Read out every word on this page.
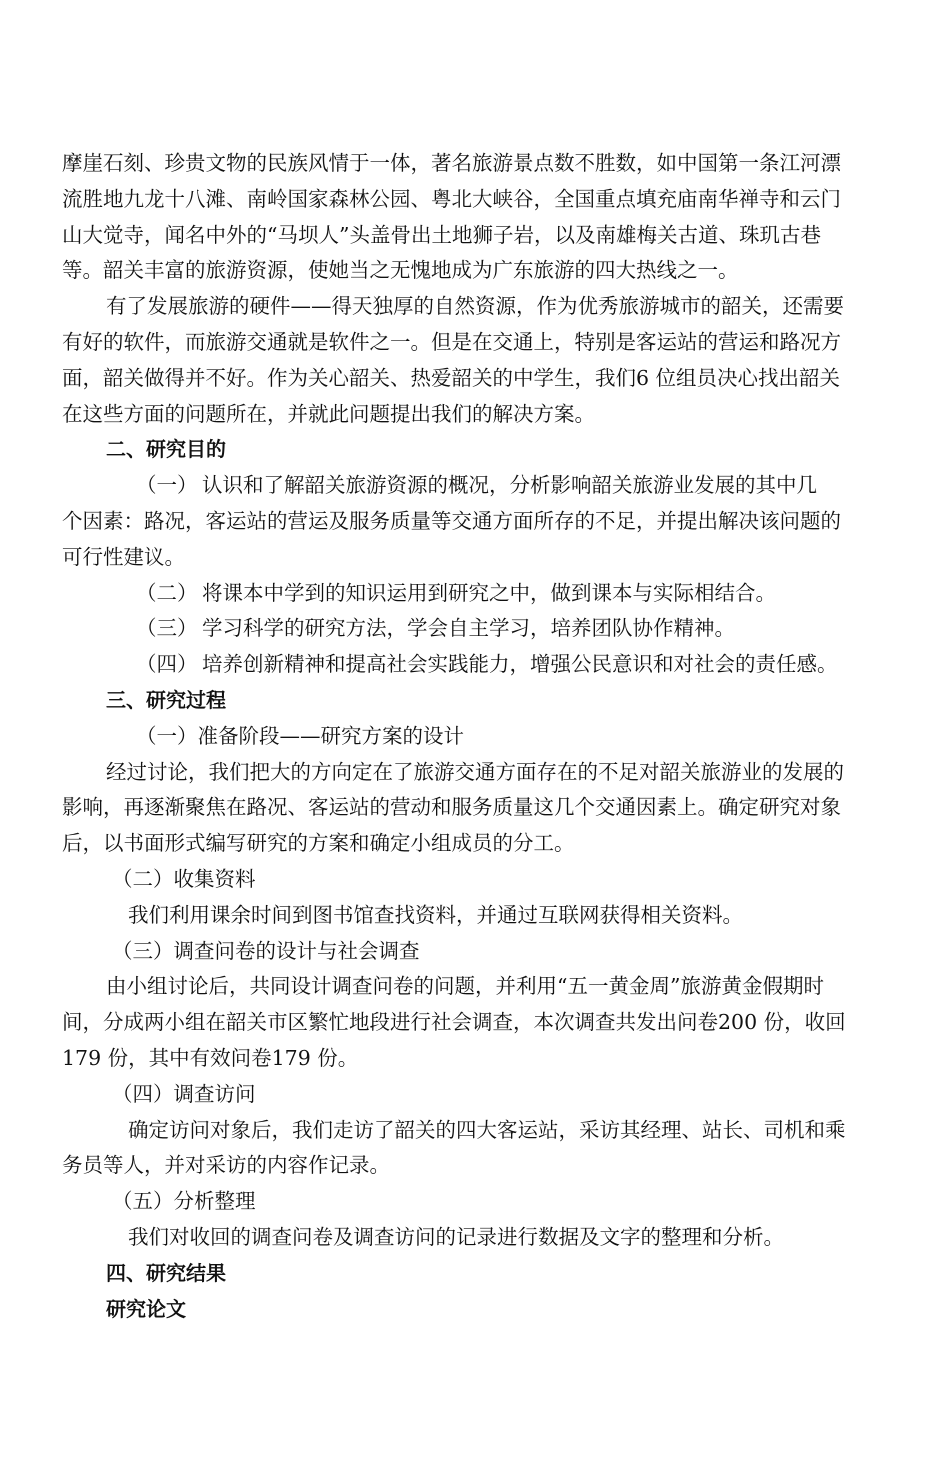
摩崖石刻、珍贵文物的民族风情于一体，著名旅游景点数不胜数，如中国第一条江河漂
流胜地九龙十八滩、南岭国家森林公园、粤北大峡谷，全国重点填充庙南华禅寺和云门
山大觉寺，闻名中外的“马坝人”头盖骨出土地狮子岩，以及南雄梅关古道、珠玑古巷
等。韶关丰富的旅游资源，使她当之无愧地成为广东旅游的四大热线之一。
有了发展旅游的硬件——得天独厚的自然资源，作为优秀旅游城市的韶关，还需要
有好的软件，而旅游交通就是软件之一。但是在交通上，特别是客运站的营运和路况方
面，韶关做得并不好。作为关心韶关、热爱韶关的中学生，我们6 位组员决心找出韶关
在这些方面的问题所在，并就此问题提出我们的解决方案。
二、研究目的
（一） 认识和了解韶关旅游资源的概况，分析影响韶关旅游业发展的其中几
个因素：路况，客运站的营运及服务质量等交通方面所存的不足，并提出解决该问题的
可行性建议。
（二） 将课本中学到的知识运用到研究之中，做到课本与实际相结合。
（三） 学习科学的研究方法，学会自主学习，培养团队协作精神。
（四） 培养创新精神和提高社会实践能力，增强公民意识和对社会的责任感。
三、研究过程
（一）准备阶段——研究方案的设计
经过讨论，我们把大的方向定在了旅游交通方面存在的不足对韶关旅游业的发展的
影响，再逐渐聚焦在路况、客运站的营动和服务质量这几个交通因素上。确定研究对象
后，以书面形式编写研究的方案和确定小组成员的分工。
（二）收集资料
我们利用课余时间到图书馆查找资料，并通过互联网获得相关资料。
（三）调查问卷的设计与社会调查
由小组讨论后，共同设计调查问卷的问题，并利用“五一黄金周”旅游黄金假期时
间，分成两小组在韶关市区繁忙地段进行社会调查，本次调查共发出问卷200 份，收回
179 份，其中有效问卷179 份。
（四）调查访问
确定访问对象后，我们走访了韶关的四大客运站，采访其经理、站长、司机和乘
务员等人，并对采访的内容作记录。
（五）分析整理
我们对收回的调查问卷及调查访问的记录进行数据及文字的整理和分析。
四、研究结果
研究论文
